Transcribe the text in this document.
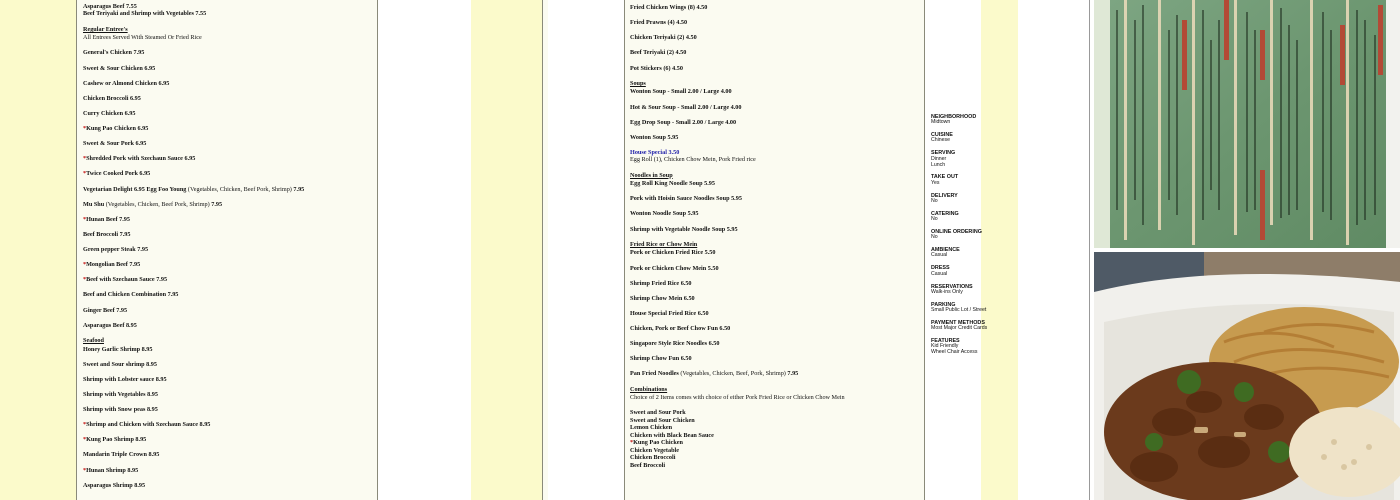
Asparagus Beef 7.55
Beef Teriyaki and Shrimp with Vegetables 7.55
Regular Entree's
All Entrees Served With Steamed Or Fried Rice
General's Chicken 7.95
Sweet & Sour Chicken 6.95
Cashew or Almond Chicken 6.95
Chicken Broccoli 6.95
Curry Chicken 6.95
*Kung Pao Chicken 6.95
Sweet & Sour Pork 6.95
*Shredded Pork with Szechaun Sauce 6.95
*Twice Cooked Pork 6.95
Vegetarian Delight 6.95 Egg Foo Young (Vegetables, Chicken, Beef Pork, Shrimp) 7.95
Mu Shu (Vegetables, Chicken, Beef Pork, Shrimp) 7.95
*Hunan Beef 7.95
Beef Broccoli 7.95
Green pepper Steak 7.95
*Mongolian Beef 7.95
*Beef with Szechaun Sauce 7.95
Beef and Chicken Combination 7.95
Ginger Beef 7.95
Asparagus Beef 8.95
Seafood
Honey Garlic Shrimp 8.95
Sweet and Sour shrimp 8.95
Shrimp with Lobster sauce 8.95
Shrimp with Vegetables 8.95
Shrimp with Snow peas 8.95
*Shrimp and Chicken with Szechaun Sauce 8.95
*Kung Pao Shrimp 8.95
Mandarin Triple Crown 8.95
*Hunan Shrimp 8.95
Asparagus Shrimp 8.95
Fried Chicken Wings (8) 4.50
Fried Prawns (4) 4.50
Chicken Teriyaki (2) 4.50
Beef Teriyaki (2) 4.50
Pot Stickers (6) 4.50
Soups
Wonton Soup - Small 2.00 / Large 4.00
Hot & Sour Soup - Small 2.00 / Large 4.00
Egg Drop Soup - Small 2.00 / Large 4.00
Wonton Soup 5.95
House Special 3.50
Egg Roll (1), Chicken Chow Mein, Pork Fried rice
Noodles in Soup
Egg Roll King Noodle Soup 5.95
Pork with Hoisin Sauce Noodles Soup 5.95
Wonton Noodle Soup 5.95
Shrimp with Vegetable Noodle Soup 5.95
Fried Rice or Chow Mein
Pork or Chicken Fried Rice 5.50
Pork or Chicken Chow Mein 5.50
Shrimp Fried Rice 6.50
Shrimp Chow Mein 6.50
House Special Fried Rice 6.50
Chicken, Pork or Beef Chow Fun 6.50
Singapore Style Rice Noodles 6.50
Shrimp Chow Fun 6.50
Pan Fried Noodles (Vegetables, Chicken, Beef, Pork, Shrimp) 7.95
Combinations
Choice of 2 Items comes with choice of either Pork Fried Rice or Chicken Chow Mein
Sweet and Sour Pork
Sweet and Sour Chicken
Lemon Chicken
Chicken with Black Bean Sauce
*Kung Pao Chicken
Chicken Vegetable
Chicken Broccoli
Beef Broccoli
NEIGHBORHOOD
Midtown
CUISINE
Chinese
SERVING
Dinner
Lunch
TAKE OUT
Yes
DELIVERY
No
CATERING
No
ONLINE ORDERING
No
AMBIENCE
Casual
DRESS
Casual
RESERVATIONS
Walk-ins Only
PARKING
Small Public Lot / Street
PAYMENT METHODS
Most Major Credit Cards
FEATURES
Kid Friendly
Wheel Chair Access
